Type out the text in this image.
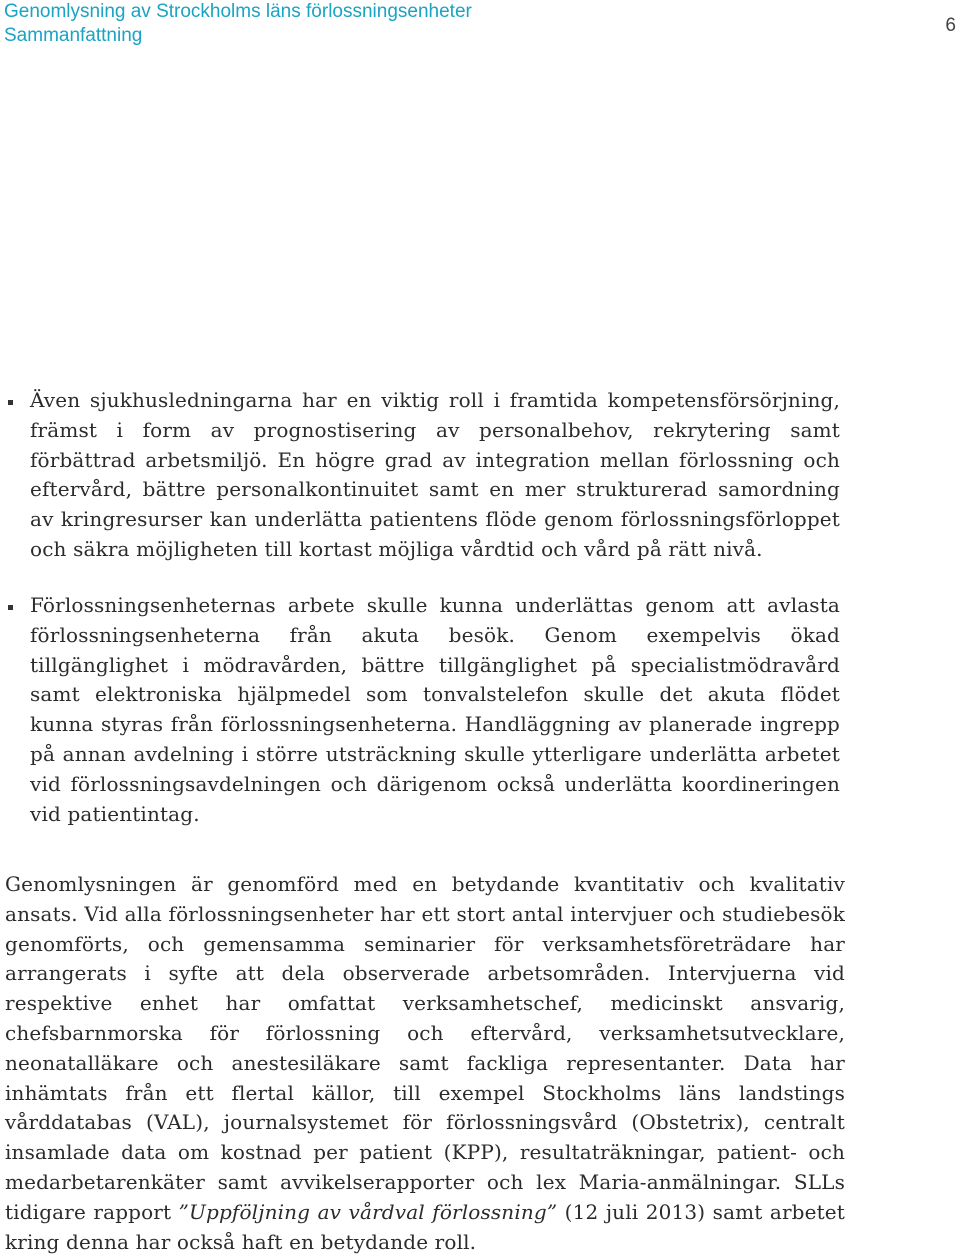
Genomlysning av Strockholms läns förlossningsenheter
Sammanfattning	6

Även sjukhusledningarna har en viktig roll i framtida kompetensförsörjning, främst i form av prognostisering av personalbehov, rekrytering samt förbättrad arbetsmiljö. En högre grad av integration mellan förlossning och eftervård, bättre personalkontinuitet samt en mer strukturerad samordning av kringresurser kan underlätta patientens flöde genom förlossningsförloppet och säkra möjligheten till kortast möjliga vårdtid och vård på rätt nivå.

Förlossningsenheternas arbete skulle kunna underlättas genom att avlasta förlossningsenheterna från akuta besök. Genom exempelvis ökad tillgänglighet i mödravården, bättre tillgänglighet på specialistmödravård samt elektroniska hjälpmedel som tonvalstelefon skulle det akuta flödet kunna styras från förlossningsenheterna. Handläggning av planerade ingrepp på annan avdelning i större utsträckning skulle ytterligare underlätta arbetet vid förlossningsavdelningen och därigenom också underlätta koordineringen vid patientintag.

Genomlysningen är genomförd med en betydande kvantitativ och kvalitativ ansats. Vid alla förlossningsenheter har ett stort antal intervjuer och studiebesök genomförts, och gemensamma seminarier för verksamhetsföreträdare har arrangerats i syfte att dela observerade arbetsområden. Intervjuerna vid respektive enhet har omfattat verksamhetschef, medicinskt ansvarig, chefsbarnmorska för förlossning och eftervård, verksamhetsutvecklare, neonatalläkare och anestesiläkare samt fackliga representanter. Data har inhämtats från ett flertal källor, till exempel Stockholms läns landstings vårddatabas (VAL), journalsystemet för förlossningsvård (Obstetrix), centralt insamlade data om kostnad per patient (KPP), resultaträkningar, patient- och medarbetarenkäter samt avvikelserapporter och lex Maria-anmälningar. SLLs tidigare rapport ”Uppföljning av vårdval förlossning” (12 juli 2013) samt arbetet kring denna har också haft en betydande roll.
